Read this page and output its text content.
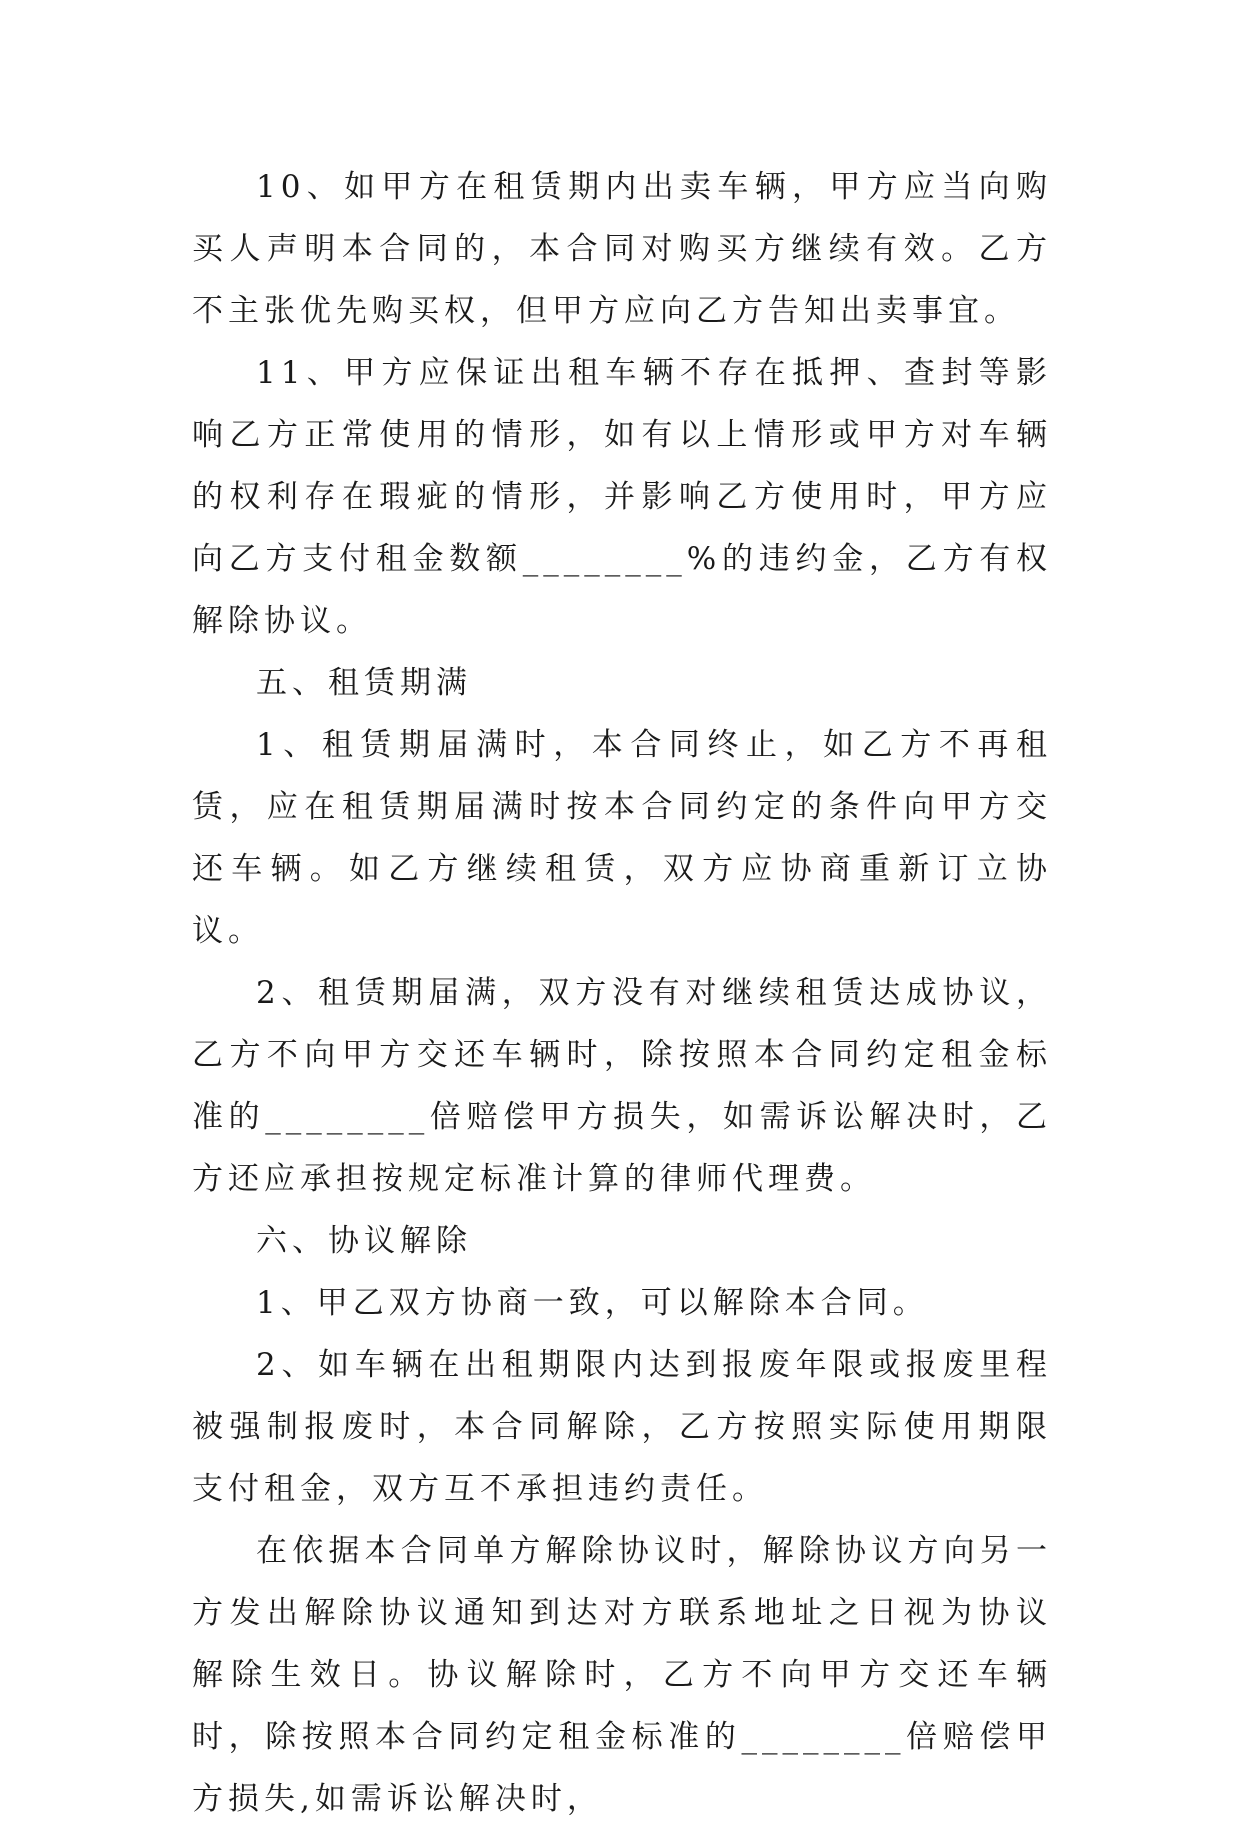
10、如甲方在租赁期内出卖车辆，甲方应当向购买人声明本合同的，本合同对购买方继续有效。乙方不主张优先购买权，但甲方应向乙方告知出卖事宜。

11、甲方应保证出租车辆不存在抵押、查封等影响乙方正常使用的情形，如有以上情形或甲方对车辆的权利存在瑕疵的情形，并影响乙方使用时，甲方应向乙方支付租金数额________%的违约金，乙方有权解除协议。

五、租赁期满

1、租赁期届满时，本合同终止，如乙方不再租赁，应在租赁期届满时按本合同约定的条件向甲方交还车辆。如乙方继续租赁，双方应协商重新订立协议。

2、租赁期届满，双方没有对继续租赁达成协议，乙方不向甲方交还车辆时，除按照本合同约定租金标准的________倍赔偿甲方损失，如需诉讼解决时，乙方还应承担按规定标准计算的律师代理费。

六、协议解除

1、甲乙双方协商一致，可以解除本合同。

2、如车辆在出租期限内达到报废年限或报废里程被强制报废时，本合同解除，乙方按照实际使用期限支付租金，双方互不承担违约责任。

在依据本合同单方解除协议时，解除协议方向另一方发出解除协议通知到达对方联系地址之日视为协议解除生效日。协议解除时，乙方不向甲方交还车辆时，除按照本合同约定租金标准的________倍赔偿甲方损失,如需诉讼解决时，
